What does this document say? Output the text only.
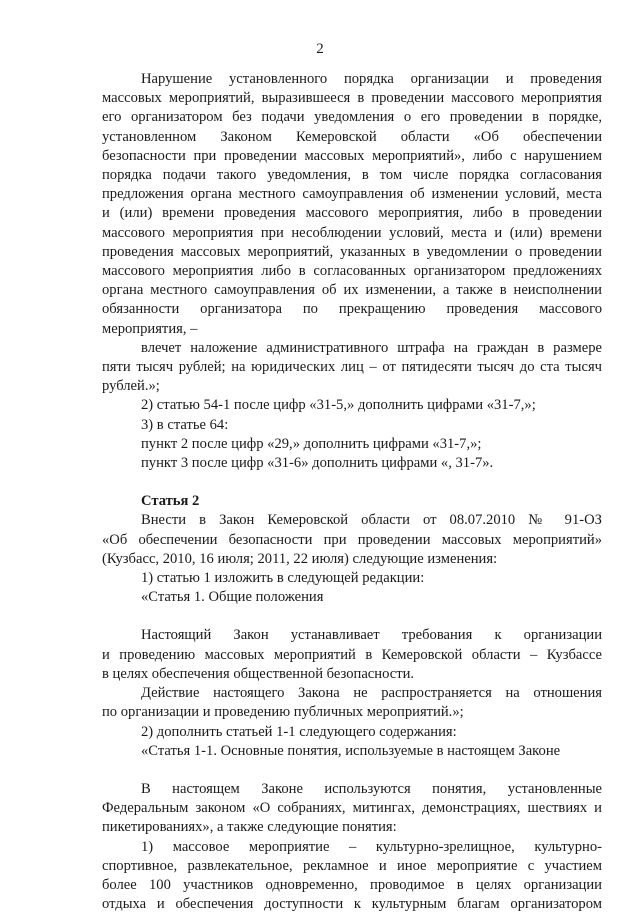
2

Нарушение установленного порядка организации и проведения

массовых мероприятий, выразившееся в проведении массового мероприятия

его организатором без подачи уведомления о его проведении в порядке,

установленном Законом Кемеровской области «Об обеспечении

безопасности при проведении массовых мероприятий», либо с нарушением

порядка подачи такого уведомления, в том числе порядка согласования

предложения органа местного самоуправления об изменении условий, места

и (или) времени проведения массового мероприятия, либо в проведении

массового мероприятия при несоблюдении условий, места и (или) времени

проведения массовых мероприятий, указанных в уведомлении о проведении

массового мероприятия либо в согласованных организатором предложениях

органа местного самоуправления об их изменении, а также в неисполнении

обязанности организатора по прекращению проведения массового

мероприятия, –

влечет наложение административного штрафа на граждан в размере

пяти тысяч рублей; на юридических лиц – от пятидесяти тысяч до ста тысяч

рублей.»;

2) статью 54-1 после цифр «31-5,» дополнить цифрами «31-7,»;

3) в статье 64:

пункт 2 после цифр «29,» дополнить цифрами «31-7,»;

пункт 3 после цифр «31-6» дополнить цифрами «, 31-7».

Статья 2

Внести в Закон Кемеровской области от 08.07.2010 № 91-ОЗ

«Об обеспечении безопасности при проведении массовых мероприятий»

(Кузбасс, 2010, 16 июля; 2011, 22 июля) следующие изменения:

1) статью 1 изложить в следующей редакции:

«Статья 1. Общие положения

Настоящий Закон устанавливает требования к организации

и проведению массовых мероприятий в Кемеровской области – Кузбассе

в целях обеспечения общественной безопасности.

Действие настоящего Закона не распространяется на отношения

по организации и проведению публичных мероприятий.»;

2) дополнить статьей 1-1 следующего содержания:

«Статья 1-1. Основные понятия, используемые в настоящем Законе

В настоящем Законе используются понятия, установленные

Федеральным законом «О собраниях, митингах, демонстрациях, шествиях и

пикетированиях», а также следующие понятия:

1) массовое мероприятие – культурно-зрелищное, культурно-

спортивное, развлекательное, рекламное и иное мероприятие с участием

более 100 участников одновременно, проводимое в целях организации

отдыха и обеспечения доступности к культурным благам организатором
